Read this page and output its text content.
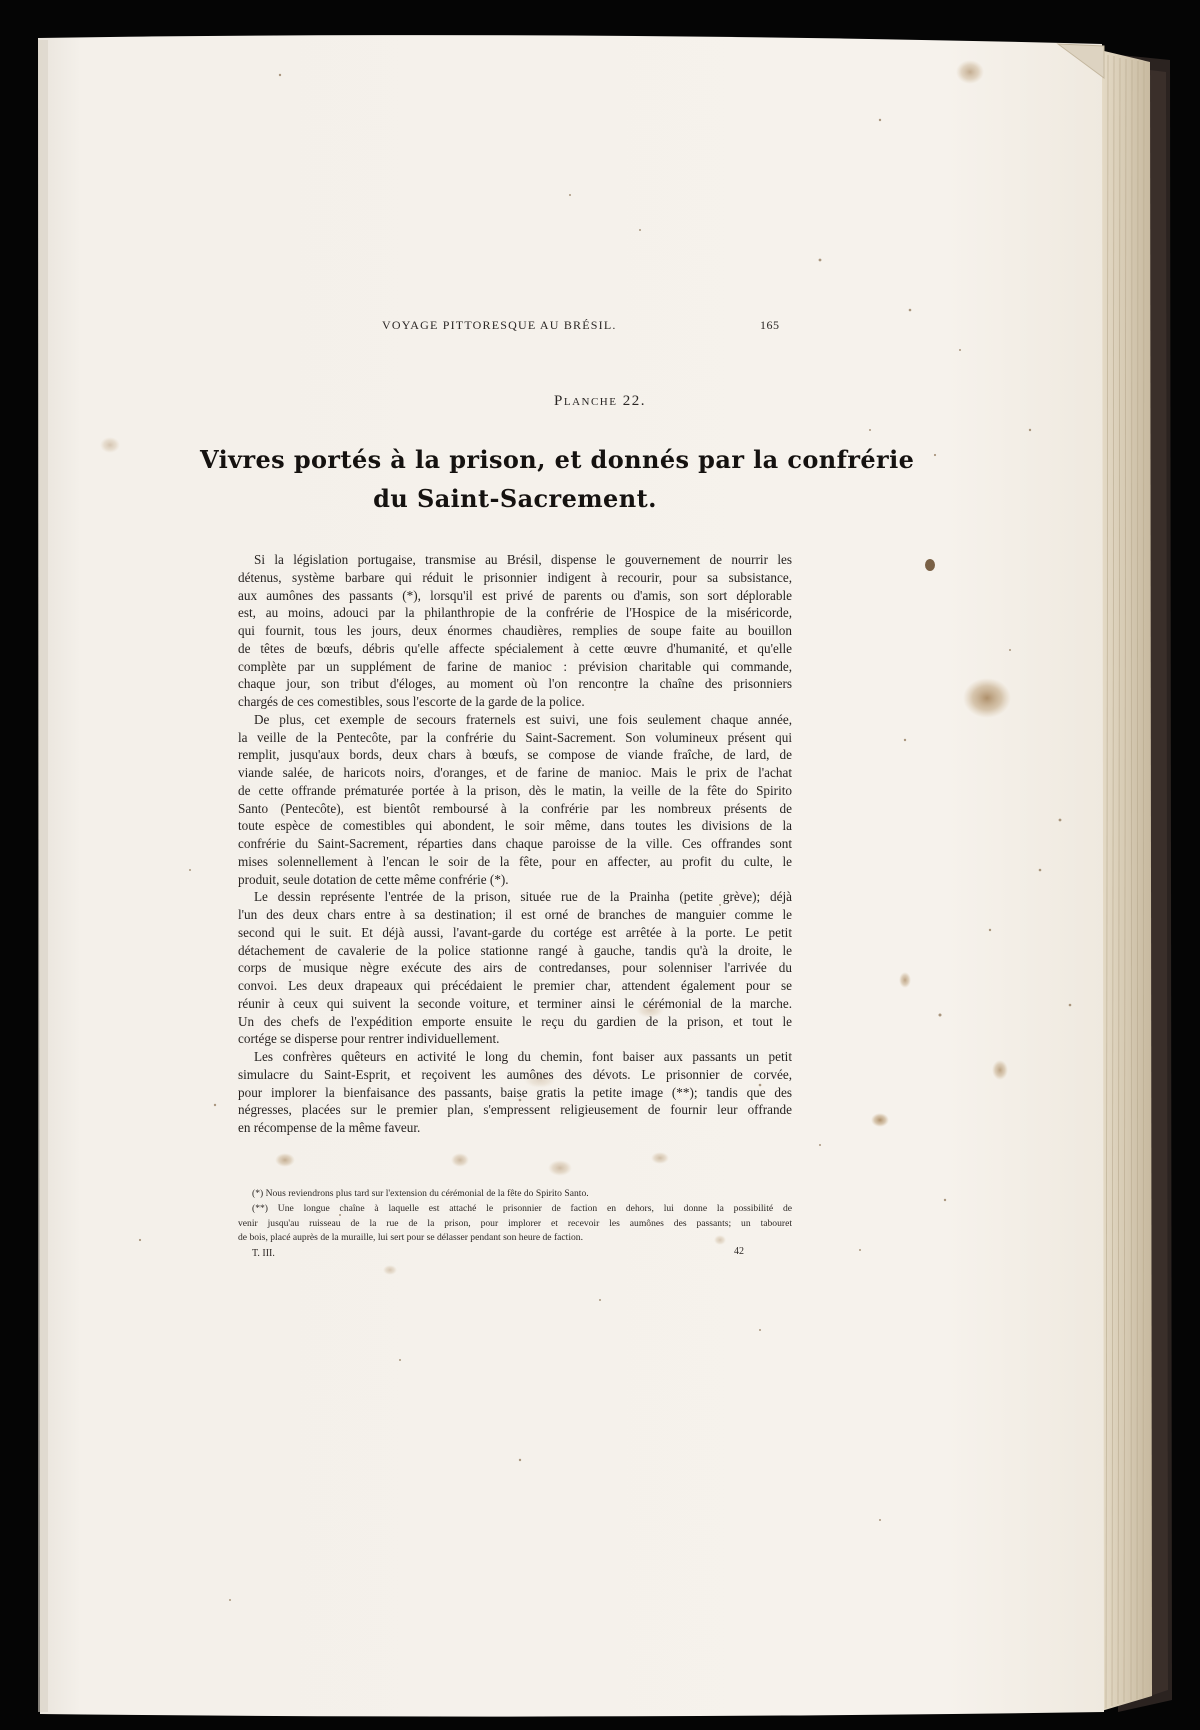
VOYAGE PITTORESQUE AU BRÉSIL.	165
Planche 22.
Vivres portés à la prison, et donnés par la confrérie
du Saint-Sacrement.
Si la législation portugaise, transmise au Brésil, dispense le gouvernement de nourrir les
détenus, système barbare qui réduit le prisonnier indigent à recourir, pour sa subsistance,
aux aumônes des passants (*), lorsqu'il est privé de parents ou d'amis, son sort déplorable
est, au moins, adouci par la philanthropie de la confrérie de l'Hospice de la miséricorde,
qui fournit, tous les jours, deux énormes chaudières, remplies de soupe faite au bouillon
de têtes de bœufs, débris qu'elle affecte spécialement à cette œuvre d'humanité, et qu'elle
complète par un supplément de farine de manioc : prévision charitable qui commande,
chaque jour, son tribut d'éloges, au moment où l'on rencontre la chaîne des prisonniers
chargés de ces comestibles, sous l'escorte de la garde de la police.
De plus, cet exemple de secours fraternels est suivi, une fois seulement chaque année,
la veille de la Pentecôte, par la confrérie du Saint-Sacrement. Son volumineux présent qui
remplit, jusqu'aux bords, deux chars à bœufs, se compose de viande fraîche, de lard, de
viande salée, de haricots noirs, d'oranges, et de farine de manioc. Mais le prix de l'achat
de cette offrande prématurée portée à la prison, dès le matin, la veille de la fête do Spirito
Santo (Pentecôte), est bientôt remboursé à la confrérie par les nombreux présents de
toute espèce de comestibles qui abondent, le soir même, dans toutes les divisions de la
confrérie du Saint-Sacrement, réparties dans chaque paroisse de la ville. Ces offrandes sont
mises solennellement à l'encan le soir de la fête, pour en affecter, au profit du culte, le
produit, seule dotation de cette même confrérie (*).
Le dessin représente l'entrée de la prison, située rue de la Prainha (petite grève); déjà
l'un des deux chars entre à sa destination; il est orné de branches de manguier comme le
second qui le suit. Et déjà aussi, l'avant-garde du cortége est arrêtée à la porte. Le petit
détachement de cavalerie de la police stationne rangé à gauche, tandis qu'à la droite, le
corps de musique nègre exécute des airs de contredanses, pour solenniser l'arrivée du
convoi. Les deux drapeaux qui précédaient le premier char, attendent également pour se
réunir à ceux qui suivent la seconde voiture, et terminer ainsi le cérémonial de la marche.
Un des chefs de l'expédition emporte ensuite le reçu du gardien de la prison, et tout le
cortége se disperse pour rentrer individuellement.
Les confrères quêteurs en activité le long du chemin, font baiser aux passants un petit
simulacre du Saint-Esprit, et reçoivent les aumônes des dévots. Le prisonnier de corvée,
pour implorer la bienfaisance des passants, baise gratis la petite image (**); tandis que des
négresses, placées sur le premier plan, s'empressent religieusement de fournir leur offrande
en récompense de la même faveur.
(*) Nous reviendrons plus tard sur l'extension du cérémonial de la fête do Spirito Santo.
(**) Une longue chaîne à laquelle est attaché le prisonnier de faction en dehors, lui donne la possibilité de
venir jusqu'au ruisseau de la rue de la prison, pour implorer et recevoir les aumônes des passants; un tabouret
de bois, placé auprès de la muraille, lui sert pour se délasser pendant son heure de faction.
T. III.	42
